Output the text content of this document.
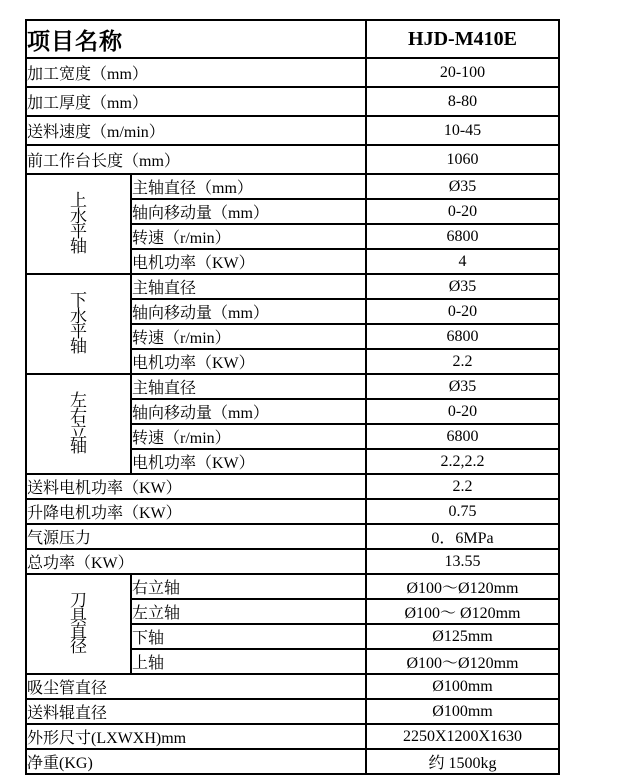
项目名称		HJD-M410E
加工宽度（mm）		20-100
加工厚度（mm）		8-80
送料速度（m/min）		10-45
前工作台长度（mm）		1060

上水平轴	主轴直径（mm）	Ø35
	轴向移动量（mm）	0-20
	转速（r/min）	6800
	电机功率（KW）	4

下水平轴	主轴直径	Ø35
	轴向移动量（mm）	0-20
	转速（r/min）	6800
	电机功率（KW）	2.2

左右立轴	主轴直径	Ø35
	轴向移动量（mm）	0-20
	转速（r/min）	6800
	电机功率（KW）	2.2,2.2
送料电机功率（KW）		2.2
升降电机功率（KW）		0.75
气源压力		0．6MPa
总功率（KW）		13.55

刀具直径	右立轴	Ø100～Ø120mm
	左立轴	Ø100～ Ø120mm
	下轴	Ø125mm
	上轴	Ø100～Ø120mm
吸尘管直径		Ø100mm
送料辊直径		Ø100mm
外形尺寸(LXWXH)mm		2250X1200X1630
净重(KG)		约 1500kg
